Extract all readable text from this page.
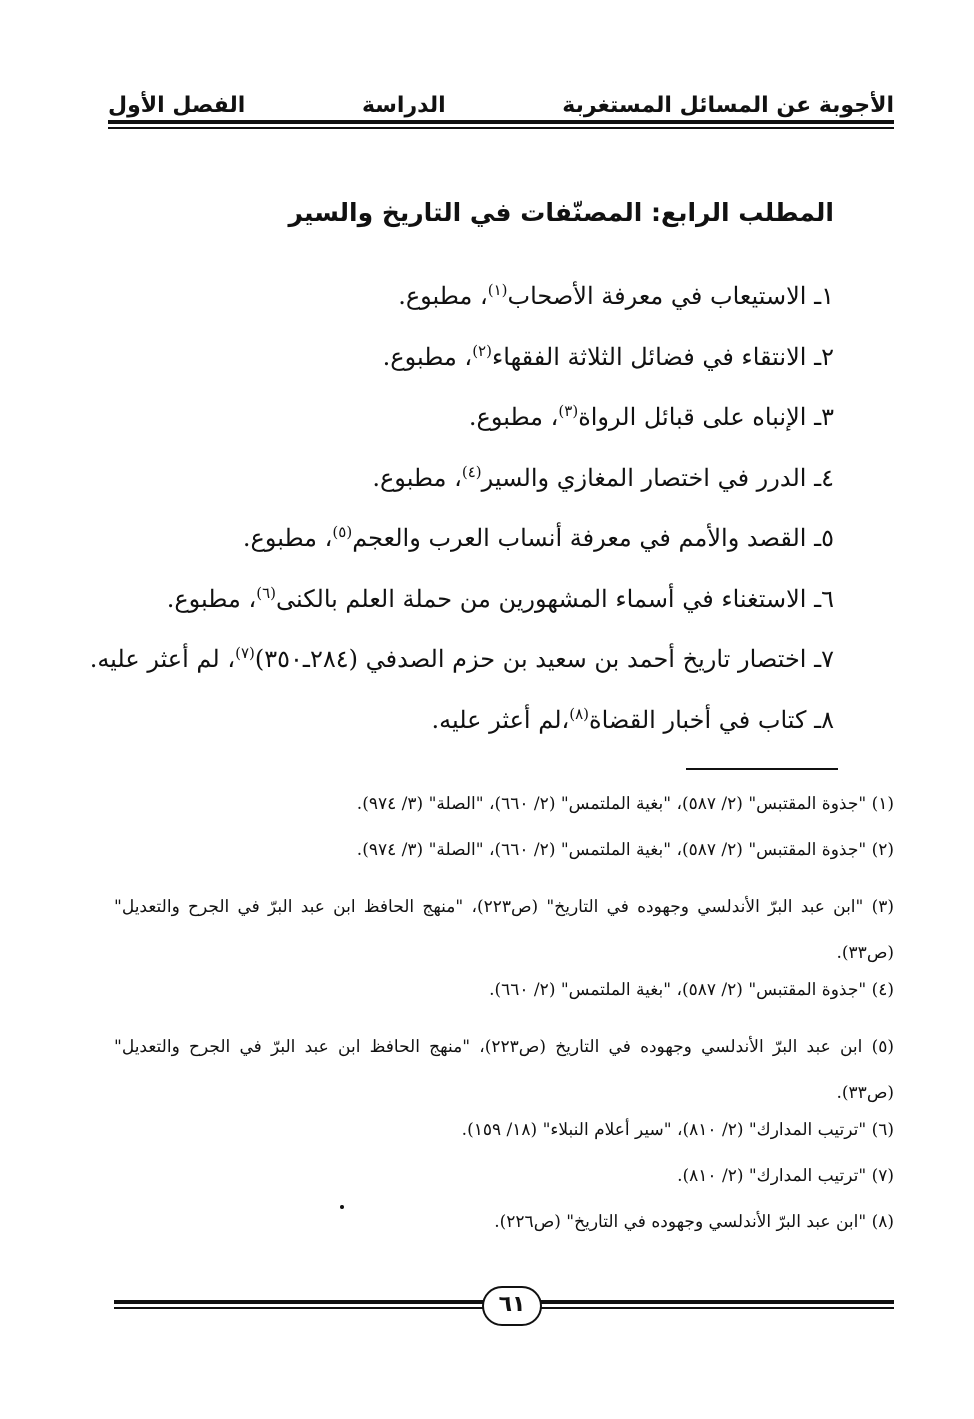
الأجوبة عن المسائل المستغربة
الدراسة
الفصل الأول
المطلب الرابع: المصنّفات في التاريخ والسير
١ـ الاستيعاب في معرفة الأصحاب$^{(١)}$، مطبوع.
٢ـ الانتقاء في فضائل الثلاثة الفقهاء$^{(٢)}$، مطبوع.
٣ـ الإنباه على قبائل الرواة$^{(٣)}$، مطبوع.
٤ـ الدرر في اختصار المغازي والسير$^{(٤)}$، مطبوع.
٥ـ القصد والأمم في معرفة أنساب العرب والعجم$^{(٥)}$، مطبوع.
٦ـ الاستغناء في أسماء المشهورين من حملة العلم بالكنى$^{(٦)}$، مطبوع.
٧ـ اختصار تاريخ أحمد بن سعيد بن حزم الصدفي (٢٨٤ـ٣٥٠)$^{(٧)}$، لم أعثر عليه.
٨ـ كتاب في أخبار القضاة$^{(٨)}$،لم أعثر عليه.
(١) "جذوة المقتبس" (٢/ ٥٨٧)، "بغية الملتمس" (٢/ ٦٦٠)، "الصلة" (٣/ ٩٧٤).
(٢) "جذوة المقتبس" (٢/ ٥٨٧)، "بغية الملتمس" (٢/ ٦٦٠)، "الصلة" (٣/ ٩٧٤).
(٣) "ابن عبد البرّ الأندلسي وجهوده في التاريخ" (ص٢٢٣)، "منهج الحافظ ابن عبد البرّ في الجرح والتعديل" (ص٣٣).
(٤) "جذوة المقتبس" (٢/ ٥٨٧)، "بغية الملتمس" (٢/ ٦٦٠).
(٥) ابن عبد البرّ الأندلسي وجهوده في التاريخ (ص٢٢٣)، "منهج الحافظ ابن عبد البرّ في الجرح والتعديل" (ص٣٣).
(٦) "ترتيب المدارك" (٢/ ٨١٠)، "سير أعلام النبلاء" (١٨/ ١٥٩).
(٧) "ترتيب المدارك" (٢/ ٨١٠).
(٨) "ابن عبد البرّ الأندلسي وجهوده في التاريخ" (ص٢٢٦).
٦١
